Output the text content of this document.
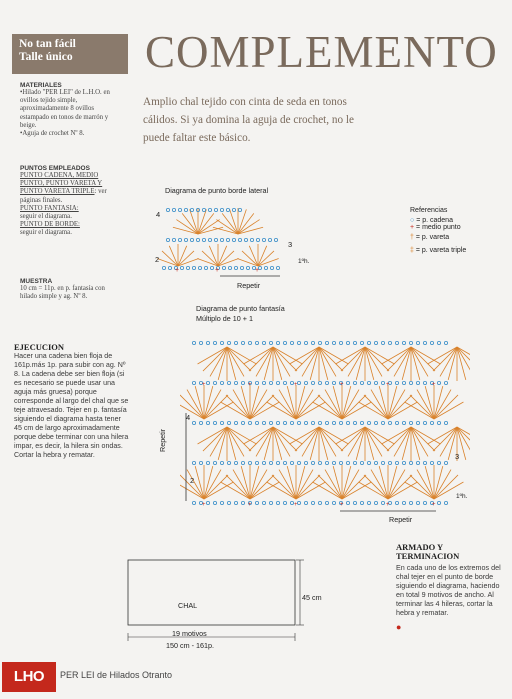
No tan fácil
Talle único	COMPLEMENTO
Amplio chal tejido con cinta de seda en tonos cálidos. Si ya domina la aguja de crochet, no le puede faltar este básico.
MATERIALES
•Hilado "PER LEI" de L.H.O. en ovillos tejido simple, aproximadamente 8 ovillos estampado en tonos de marrón y beige.
•Aguja de crochet Nº 8.
PUNTOS EMPLEADOS
PUNTO CADENA, MEDIO PUNTO, PUNTO VARETA Y PUNTO VARETA TRIPLE: ver páginas finales.
PUNTO FANTASIA:
seguir el diagrama.
PUNTO DE BORDE:
seguir el diagrama.
MUESTRA
10 cm = 11p. en p. fantasía con hilado simple y ag. Nº 8.
EJECUCION
Hacer una cadena bien floja de 161p.más 1p. para subir con ag. Nº 8. La cadena debe ser bien floja (si es necesario se puede usar una aguja más gruesa) porque corresponde al largo del chal que se teje atravesado. Tejer en p. fantasía siguiendo el diagrama hasta tener 45 cm de largo aproximadamente porque debe terminar con una hilera impar, es decir, la hilera sin ondas.
Cortar la hebra y rematar.
Diagrama de punto borde lateral
+	+	+
4
3
2	1ºh.
Repetir
Referencias
○ = p. cadena
+ = medio punto
† = p. vareta
‡ = p. vareta triple
Diagrama de punto fantasía
Múltiplo de 10 + 1
+
+
+
+
+
+
+
+
+
+
+
+
4
3
2
1ºh.
Repetir
Repetir
CHAL
45 cm
19 motivos
150 cm - 161p.
ARMADO Y TERMINACION
En cada uno de los extremos del chal tejer en el punto de borde siguiendo el diagrama, haciendo en total 9 motivos de ancho. Al terminar las 4 hileras, cortar la hebra y rematar.
●
LHO	PER LEI de Hilados Otranto
